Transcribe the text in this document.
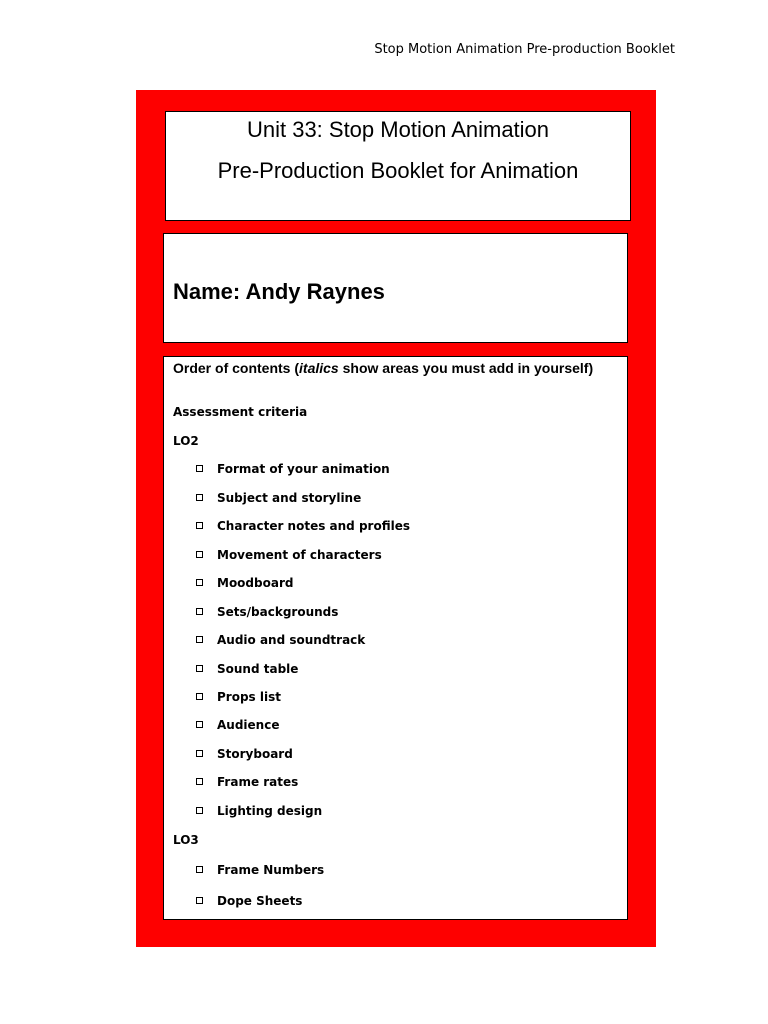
Stop Motion Animation Pre-production Booklet
Unit 33: Stop Motion Animation
Pre-Production Booklet for Animation
Name: Andy Raynes
Order of contents (italics show areas you must add in yourself)
Assessment criteria
LO2
Format of your animation
Subject and storyline
Character notes and profiles
Movement of characters
Moodboard
Sets/backgrounds
Audio and soundtrack
Sound table
Props list
Audience
Storyboard
Frame rates
Lighting design
LO3
Frame Numbers
Dope Sheets
